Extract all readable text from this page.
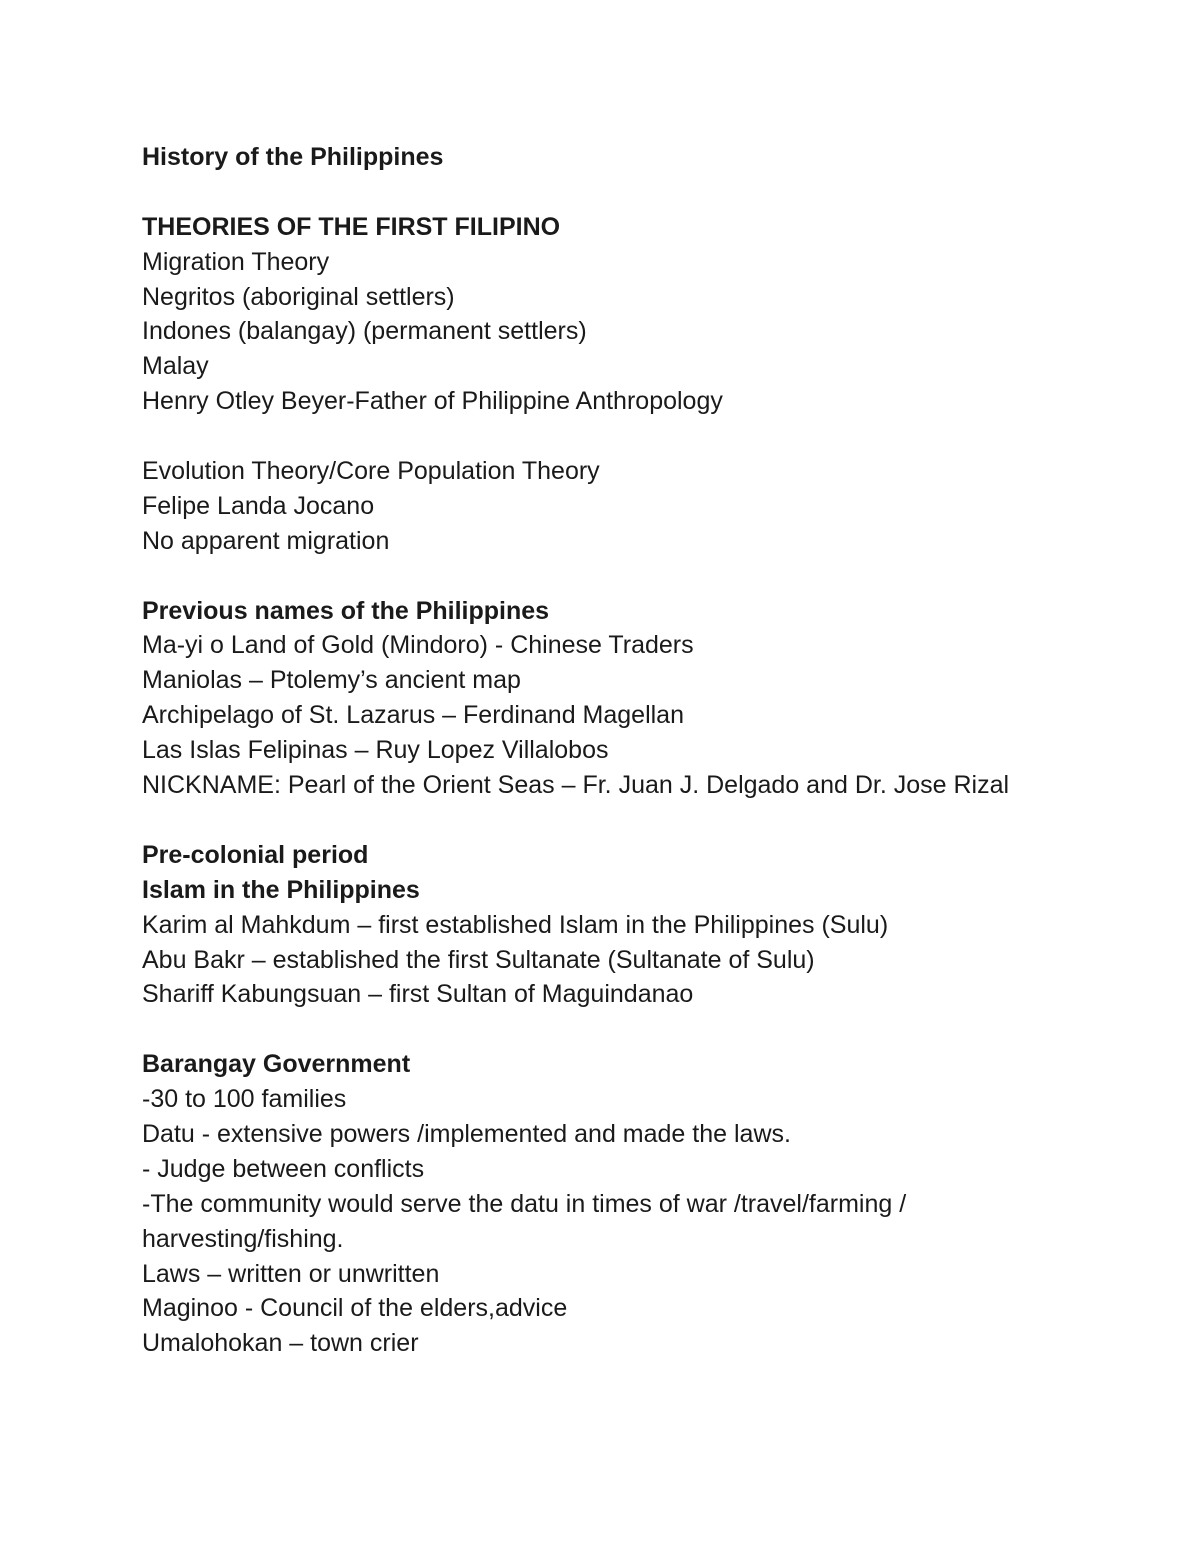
History of the Philippines
THEORIES OF THE FIRST FILIPINO
Migration Theory
Negritos (aboriginal settlers)
Indones (balangay) (permanent settlers)
Malay
Henry Otley Beyer-Father of Philippine Anthropology
Evolution Theory/Core Population Theory
Felipe Landa Jocano
No apparent migration
Previous names of the Philippines
Ma-yi o Land of Gold (Mindoro) - Chinese Traders
Maniolas – Ptolemy’s ancient map
Archipelago of St. Lazarus – Ferdinand Magellan
Las Islas Felipinas – Ruy Lopez Villalobos
NICKNAME: Pearl of the Orient Seas – Fr. Juan J. Delgado and Dr. Jose Rizal
Pre-colonial period
Islam in the Philippines
Karim al Mahkdum – first established Islam in the Philippines (Sulu)
Abu Bakr – established the first Sultanate (Sultanate of Sulu)
Shariff Kabungsuan – first Sultan of Maguindanao
Barangay Government
-30 to 100 families
Datu - extensive powers /implemented and made the laws.
- Judge between conflicts
-The community would serve the datu in times of war /travel/farming / harvesting/fishing.
Laws – written or unwritten
Maginoo - Council of the elders,advice
Umalohokan – town crier
